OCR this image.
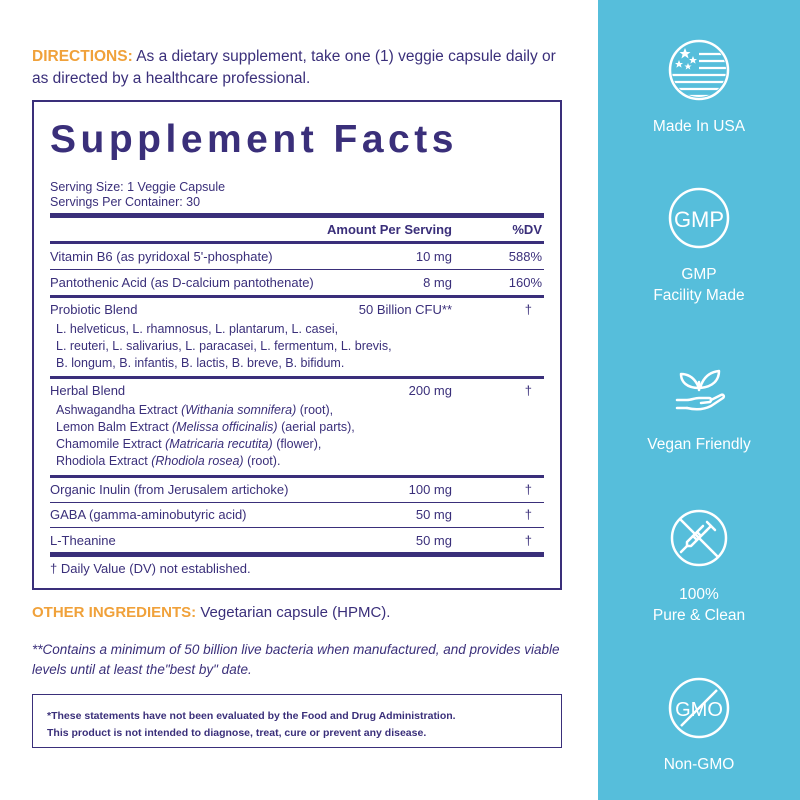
DIRECTIONS: As a dietary supplement, take one (1) veggie capsule daily or as directed by a healthcare professional.
Supplement Facts
Serving Size: 1 Veggie Capsule
Servings Per Container: 30
Amount Per Serving	%DV
Vitamin B6 (as pyridoxal 5'-phosphate)	10 mg	588%
Pantothenic Acid (as D-calcium pantothenate)	8 mg	160%
Probiotic Blend	50 Billion CFU**	†
L. helveticus, L. rhamnosus, L. plantarum, L. casei,
L. reuteri, L. salivarius, L. paracasei, L. fermentum, L. brevis,
B. longum, B. infantis, B. lactis, B. breve, B. bifidum.
Herbal Blend	200 mg	†
Ashwagandha Extract (Withania somnifera) (root),
Lemon Balm Extract (Melissa officinalis) (aerial parts),
Chamomile Extract (Matricaria recutita) (flower),
Rhodiola Extract (Rhodiola rosea) (root).
Organic Inulin (from Jerusalem artichoke)	100 mg	†
GABA (gamma-aminobutyric acid)	50 mg	†
L-Theanine	50 mg	†
† Daily Value (DV) not established.
OTHER INGREDIENTS: Vegetarian capsule (HPMC).
**Contains a minimum of 50 billion live bacteria when manufactured, and provides viable levels until at least the"best by" date.
*These statements have not been evaluated by the Food and Drug Administration.
This product is not intended to diagnose, treat, cure or prevent any disease.
Made In USA
GMP
GMP
Facility Made
Vegan Friendly
100%
Pure & Clean
GMO
Non-GMO
